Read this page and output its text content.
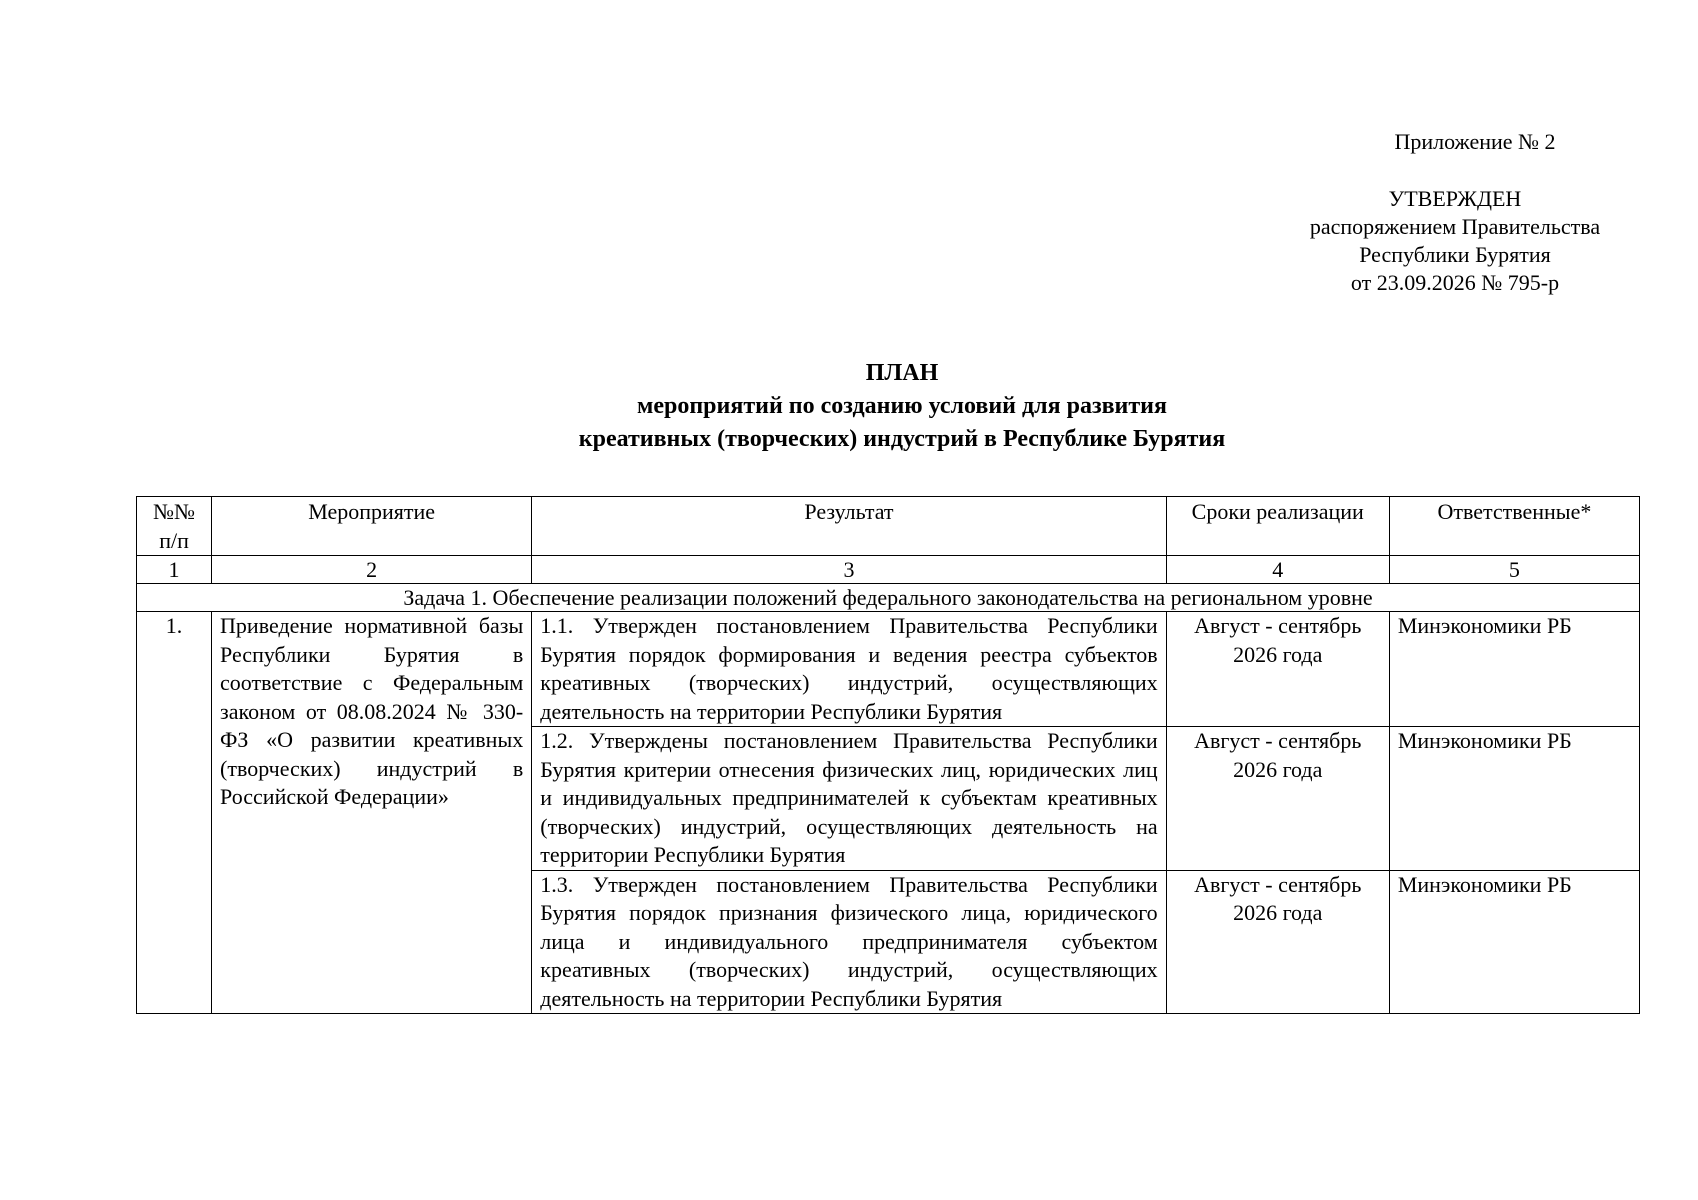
Приложение № 2
УТВЕРЖДЕН
распоряжением Правительства
Республики Бурятия
от 23.09.2026 № 795-р
ПЛАН
мероприятий по созданию условий для развития
креативных (творческих) индустрий в Республике Бурятия
№№ п/п	Мероприятие	Результат	Сроки реализации	Ответственные*
1	2	3	4	5
Задача 1. Обеспечение реализации положений федерального законодательства на региональном уровне				
1.	Приведение нормативной базы Республики Бурятия в соответствие с Федеральным законом от 08.08.2024 № 330-ФЗ «О развитии креативных (творческих) индустрий в Российской Федерации»	1.1. Утвержден постановлением Правительства Республики Бурятия порядок формирования и ведения реестра субъектов креативных (творческих) индустрий, осуществляющих деятельность на территории Республики Бурятия	Август - сентябрь 2026 года	Минэкономики РБ
		1.2. Утверждены постановлением Правительства Республики Бурятия критерии отнесения физических лиц, юридических лиц и индивидуальных предпринимателей к субъектам креативных (творческих) индустрий, осуществляющих деятельность на территории Республики Бурятия	Август - сентябрь 2026 года	Минэкономики РБ
		1.3. Утвержден постановлением Правительства Республики Бурятия порядок признания физического лица, юридического лица и индивидуального предпринимателя субъектом креативных (творческих) индустрий, осуществляющих деятельность на территории Республики Бурятия	Август - сентябрь 2026 года	Минэкономики РБ
